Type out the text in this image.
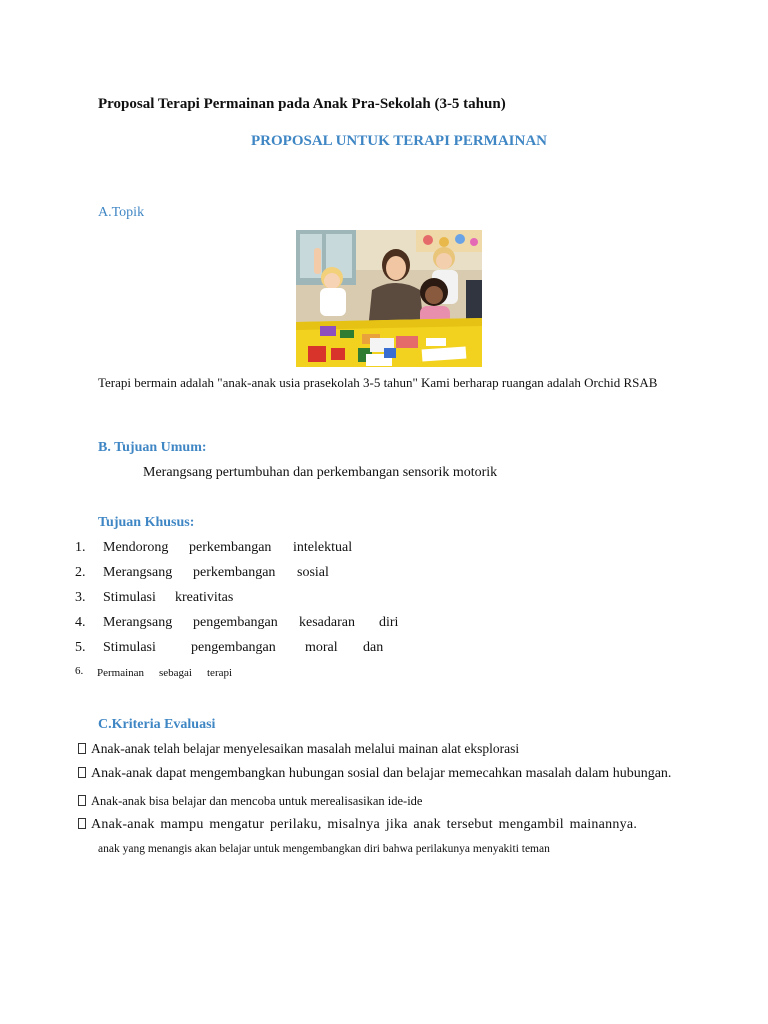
Proposal Terapi Permainan pada Anak Pra-Sekolah (3-5 tahun)
PROPOSAL UNTUK TERAPI PERMAINAN
A.Topik
Terapi bermain adalah "anak-anak usia prasekolah 3-5 tahun" Kami berharap ruangan adalah Orchid RSAB
B. Tujuan Umum:
Merangsang pertumbuhan dan perkembangan sensorik motorik
Tujuan Khusus:
1. Mendorong	perkembangan	intelektual
2. Merangsang	perkembangan	sosial
3. Stimulasi	kreativitas
4. Merangsang	pengembangan	kesadaran	diri
5. Stimulasi	pengembangan	moral	dan
6. Permainan	sebagai	terapi
C.Kriteria Evaluasi
Anak-anak telah belajar menyelesaikan masalah melalui mainan alat eksplorasi
Anak-anak dapat mengembangkan hubungan sosial dan belajar memecahkan masalah dalam hubungan.
Anak-anak bisa belajar dan mencoba untuk merealisasikan ide-ide
Anak-anak mampu mengatur perilaku, misalnya jika anak tersebut mengambil mainannya.
anak yang menangis akan belajar untuk mengembangkan diri bahwa perilakunya menyakiti teman
